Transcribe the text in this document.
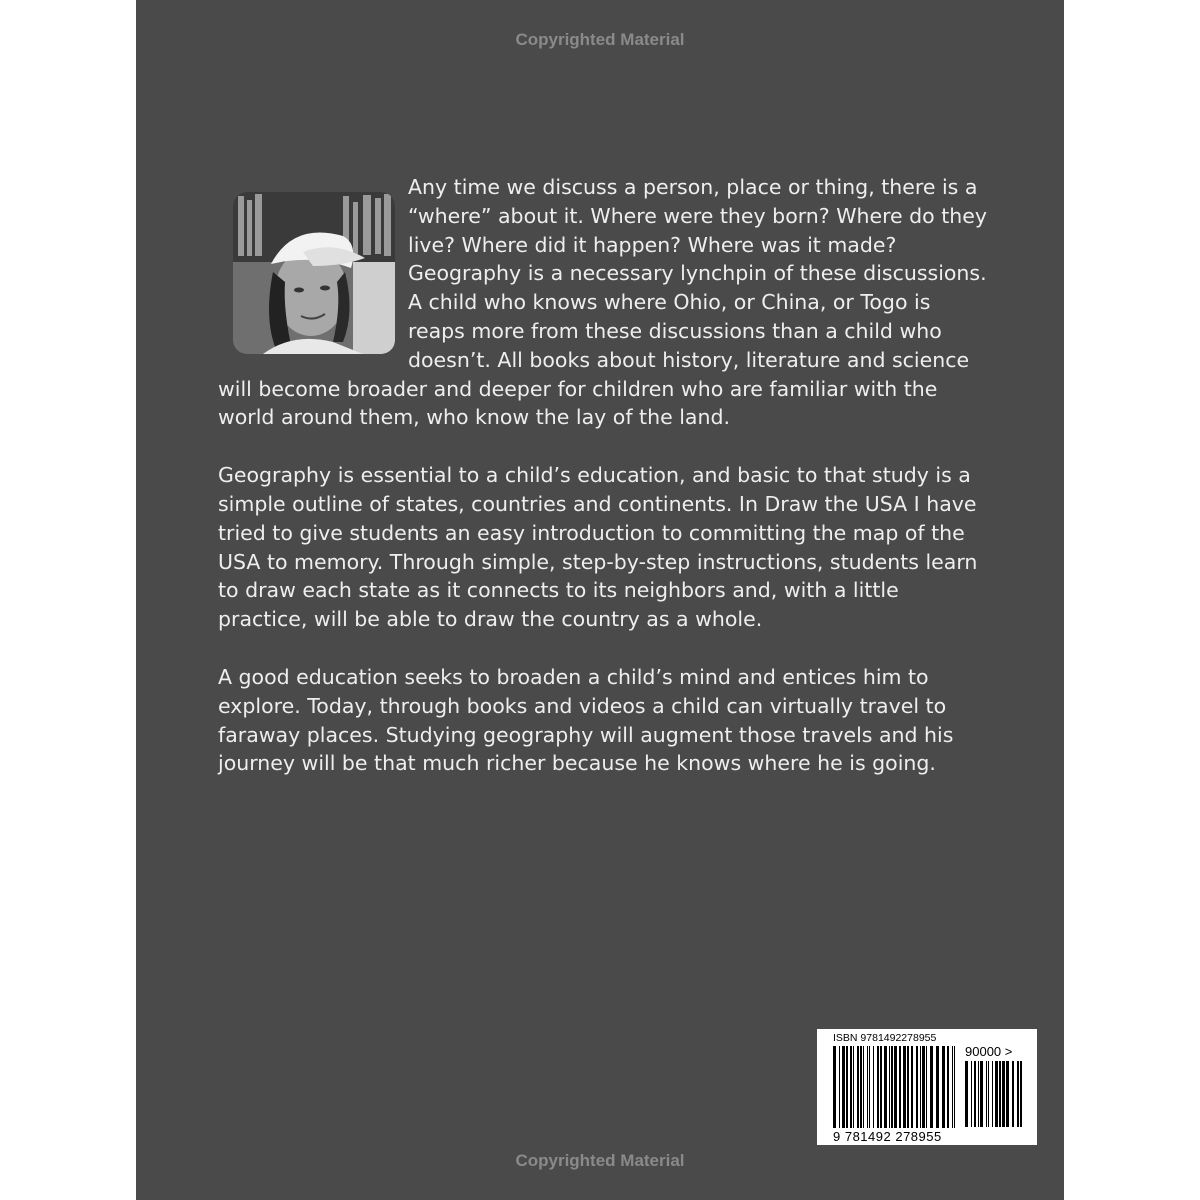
Copyrighted Material

Any time we discuss a person, place or thing, there is a “where” about it. Where were they born? Where do they live? Where did it happen? Where was it made? Geography is a necessary lynchpin of these discussions. A child who knows where Ohio, or China, or Togo is reaps more from these discussions than a child who doesn’t. All books about history, literature and science will become broader and deeper for children who are familiar with the world around them, who know the lay of the land.

Geography is essential to a child’s education, and basic to that study is a simple outline of states, countries and continents. In Draw the USA I have tried to give students an easy introduction to committing the map of the USA to memory. Through simple, step-by-step instructions, students learn to draw each state as it connects to its neighbors and, with a little practice, will be able to draw the country as a whole.

A good education seeks to broaden a child’s mind and entices him to explore. Today, through books and videos a child can virtually travel to faraway places. Studying geography will augment those travels and his journey will be that much richer because he knows where he is going.

ISBN 9781492278955
90000 >
9 781492 278955
Copyrighted Material
